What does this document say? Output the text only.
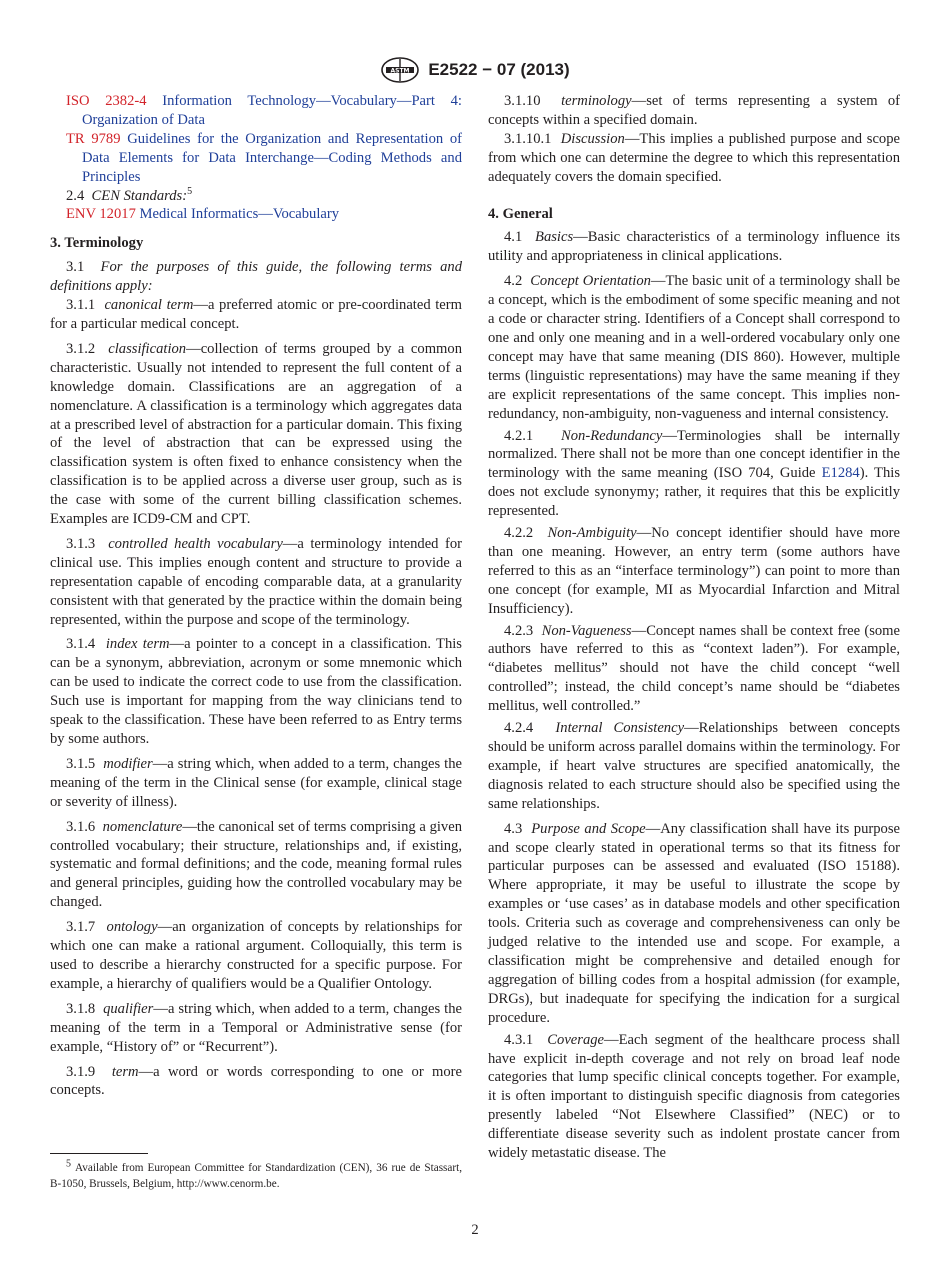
ASTM E2522 − 07 (2013)

ISO 2382-4 Information Technology—Vocabulary—Part 4: Organization of Data

TR 9789 Guidelines for the Organization and Representation of Data Elements for Data Interchange—Coding Methods and Principles

2.4 CEN Standards:$^5$

ENV 12017 Medical Informatics—Vocabulary

3. Terminology

3.1 For the purposes of this guide, the following terms and definitions apply:

3.1.1 canonical term—a preferred atomic or pre-coordinated term for a particular medical concept.

3.1.2 classification—collection of terms grouped by a common characteristic. Usually not intended to represent the full content of a knowledge domain. Classifications are an aggregation of a nomenclature. A classification is a terminology which aggregates data at a prescribed level of abstraction for a particular domain. This fixing of the level of abstraction that can be expressed using the classification system is often fixed to enhance consistency when the classification is to be applied across a diverse user group, such as is the case with some of the current billing classification schemes. Examples are ICD9-CM and CPT.

3.1.3 controlled health vocabulary—a terminology intended for clinical use. This implies enough content and structure to provide a representation capable of encoding comparable data, at a granularity consistent with that generated by the practice within the domain being represented, within the purpose and scope of the terminology.

3.1.4 index term—a pointer to a concept in a classification. This can be a synonym, abbreviation, acronym or some mnemonic which can be used to indicate the correct code to use from the classification. Such use is important for mapping from the way clinicians tend to speak to the classification. These have been referred to as Entry terms by some authors.

3.1.5 modifier—a string which, when added to a term, changes the meaning of the term in the Clinical sense (for example, clinical stage or severity of illness).

3.1.6 nomenclature—the canonical set of terms comprising a given controlled vocabulary; their structure, relationships and, if existing, systematic and formal definitions; and the code, meaning formal rules and general principles, guiding how the controlled vocabulary may be changed.

3.1.7 ontology—an organization of concepts by relationships for which one can make a rational argument. Colloquially, this term is used to describe a hierarchy constructed for a specific purpose. For example, a hierarchy of qualifiers would be a Qualifier Ontology.

3.1.8 qualifier—a string which, when added to a term, changes the meaning of the term in a Temporal or Administrative sense (for example, “History of” or “Recurrent”).

3.1.9 term—a word or words corresponding to one or more concepts.

$^5$ Available from European Committee for Standardization (CEN), 36 rue de Stassart, B-1050, Brussels, Belgium, http://www.cenorm.be.

3.1.10 terminology—set of terms representing a system of concepts within a specified domain.

3.1.10.1 Discussion—This implies a published purpose and scope from which one can determine the degree to which this representation adequately covers the domain specified.

4. General

4.1 Basics—Basic characteristics of a terminology influence its utility and appropriateness in clinical applications.

4.2 Concept Orientation—The basic unit of a terminology shall be a concept, which is the embodiment of some specific meaning and not a code or character string. Identifiers of a Concept shall correspond to one and only one meaning and in a well-ordered vocabulary only one concept may have that same meaning (DIS 860). However, multiple terms (linguistic representations) may have the same meaning if they are explicit representations of the same concept. This implies non-redundancy, non-ambiguity, non-vagueness and internal consistency.

4.2.1 Non-Redundancy—Terminologies shall be internally normalized. There shall not be more than one concept identifier in the terminology with the same meaning (ISO 704, Guide E1284). This does not exclude synonymy; rather, it requires that this be explicitly represented.

4.2.2 Non-Ambiguity—No concept identifier should have more than one meaning. However, an entry term (some authors have referred to this as an “interface terminology”) can point to more than one concept (for example, MI as Myocardial Infarction and Mitral Insufficiency).

4.2.3 Non-Vagueness—Concept names shall be context free (some authors have referred to this as “context laden”). For example, “diabetes mellitus” should not have the child concept “well controlled”; instead, the child concept’s name should be “diabetes mellitus, well controlled.”

4.2.4 Internal Consistency—Relationships between concepts should be uniform across parallel domains within the terminology. For example, if heart valve structures are specified anatomically, the diagnosis related to each structure should also be specified using the same relationships.

4.3 Purpose and Scope—Any classification shall have its purpose and scope clearly stated in operational terms so that its fitness for particular purposes can be assessed and evaluated (ISO 15188). Where appropriate, it may be useful to illustrate the scope by examples or ‘use cases’ as in database models and other specification tools. Criteria such as coverage and comprehensiveness can only be judged relative to the intended use and scope. For example, a classification might be comprehensive and detailed enough for aggregation of billing codes from a hospital admission (for example, DRGs), but inadequate for specifying the indication for a surgical procedure.

4.3.1 Coverage—Each segment of the healthcare process shall have explicit in-depth coverage and not rely on broad leaf node categories that lump specific clinical concepts together. For example, it is often important to distinguish specific diagnosis from categories presently labeled “Not Elsewhere Classified” (NEC) or to differentiate disease severity such as indolent prostate cancer from widely metastatic disease. The

2
